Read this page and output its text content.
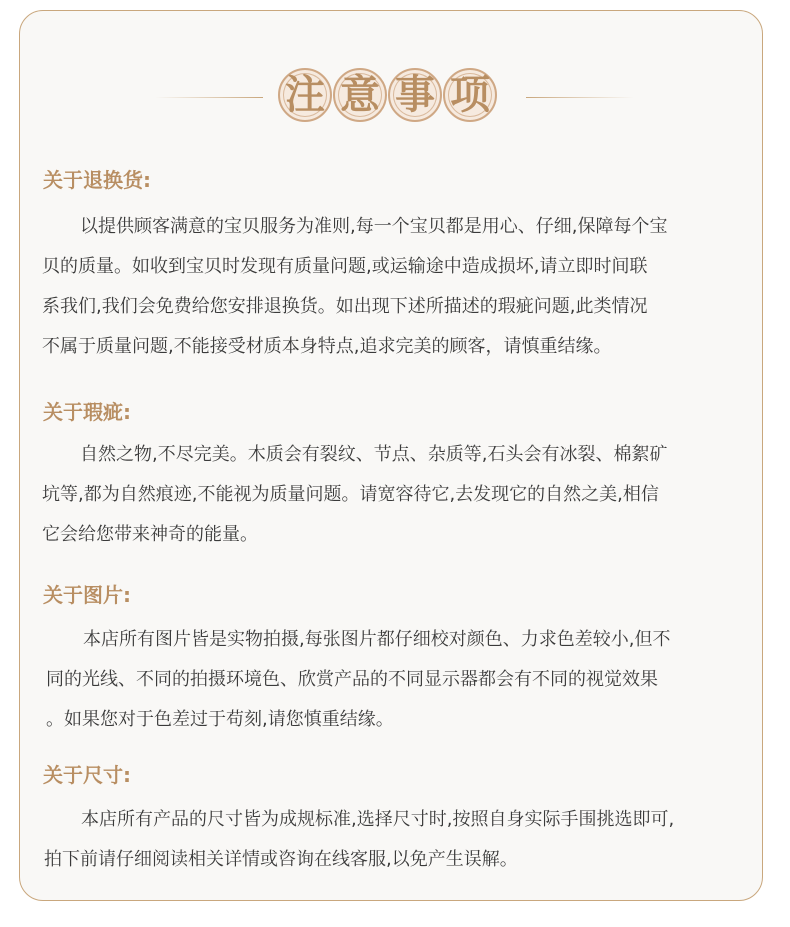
注 意 事 项
关于退换货:
以提供顾客满意的宝贝服务为准则,每一个宝贝都是用心、仔细,保障每个宝
贝的质量。如收到宝贝时发现有质量问题,或运输途中造成损坏,请立即时间联
系我们,我们会免费给您安排退换货。如出现下述所描述的瑕疵问题,此类情况
不属于质量问题,不能接受材质本身特点,追求完美的顾客，请慎重结缘。
关于瑕疵:
自然之物,不尽完美。木质会有裂纹、节点、杂质等,石头会有冰裂、棉絮矿
坑等,都为自然痕迹,不能视为质量问题。请宽容待它,去发现它的自然之美,相信
它会给您带来神奇的能量。
关于图片:
本店所有图片皆是实物拍摄,每张图片都仔细校对颜色、力求色差较小,但不
同的光线、不同的拍摄环境色、欣赏产品的不同显示器都会有不同的视觉效果
。如果您对于色差过于苟刻,请您慎重结缘。
关于尺寸:
本店所有产品的尺寸皆为成规标准,选择尺寸时,按照自身实际手围挑选即可,
拍下前请仔细阅读相关详情或咨询在线客服,以免产生误解。
